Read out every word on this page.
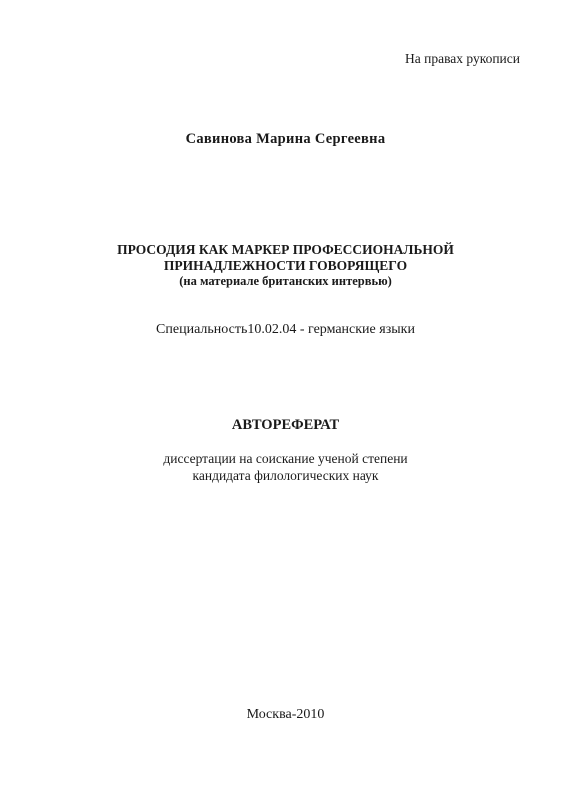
На правах рукописи
Савинова Марина Сергеевна
ПРОСОДИЯ КАК МАРКЕР ПРОФЕССИОНАЛЬНОЙ
ПРИНАДЛЕЖНОСТИ ГОВОРЯЩЕГО
(на материале британских интервью)
Специальность10.02.04 - германские языки
АВТОРЕФЕРАТ
диссертации на соискание ученой степени
кандидата филологических наук
Москва-2010
